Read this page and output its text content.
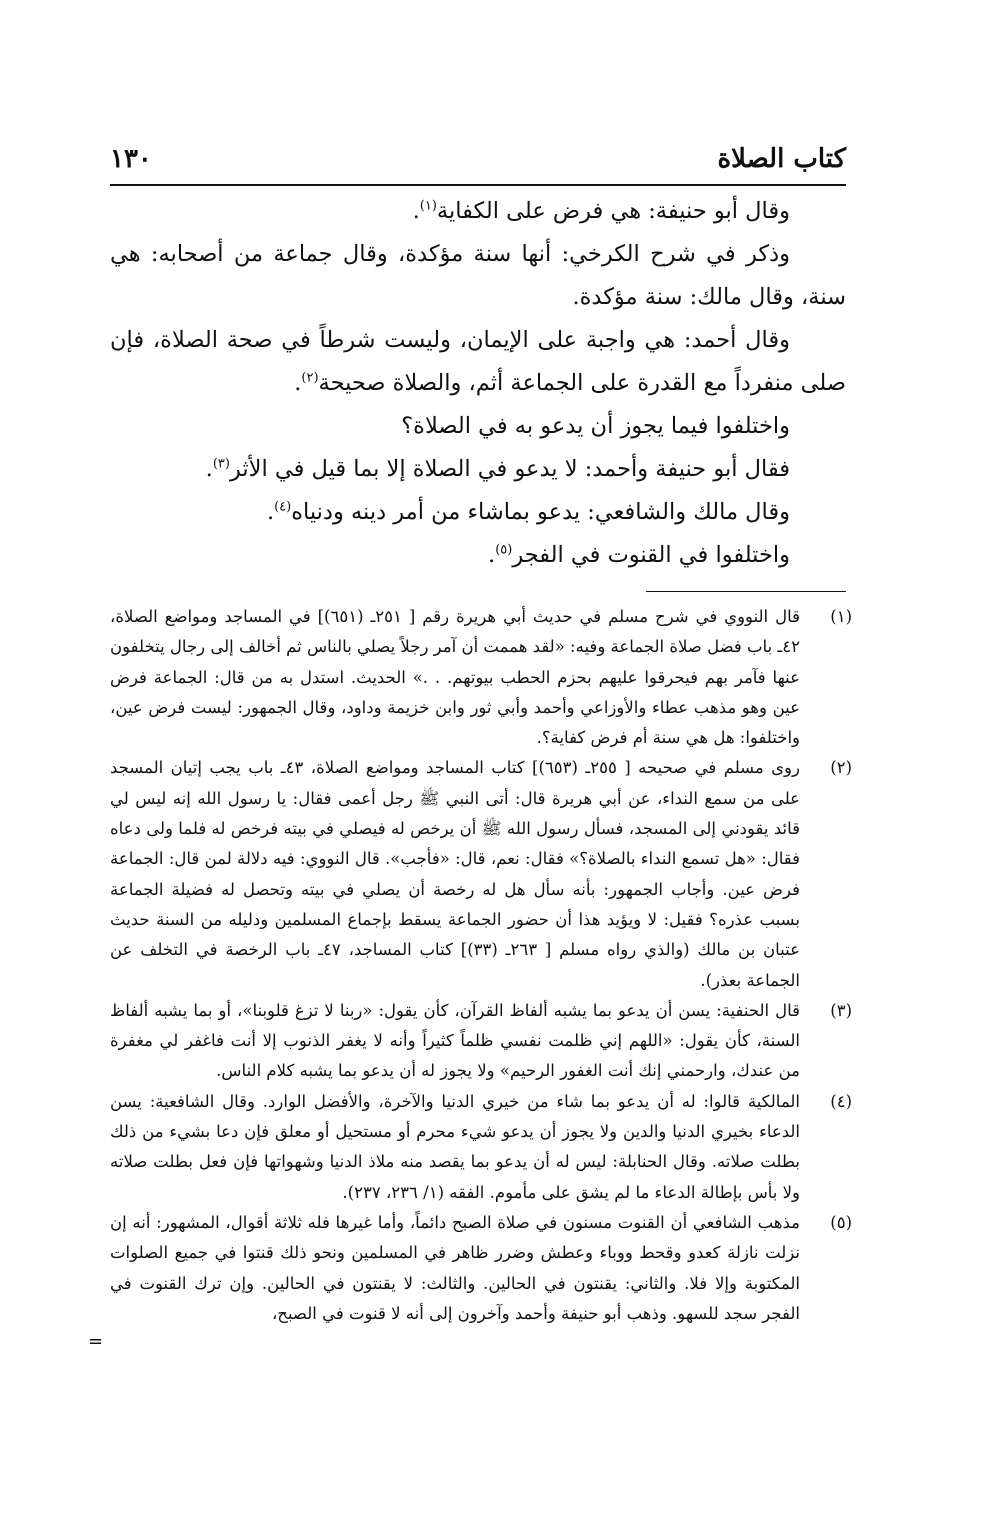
كتاب الصلاة
١٣٠

وقال أبو حنيفة: هي فرض على الكفاية$^{(١)}$.

وذكر في شرح الكرخي: أنها سنة مؤكدة، وقال جماعة من أصحابه: هي سنة، وقال مالك: سنة مؤكدة.

وقال أحمد: هي واجبة على الإيمان، وليست شرطاً في صحة الصلاة، فإن صلى منفرداً مع القدرة على الجماعة أثم، والصلاة صحيحة$^{(٢)}$.

واختلفوا فيما يجوز أن يدعو به في الصلاة؟

فقال أبو حنيفة وأحمد: لا يدعو في الصلاة إلا بما قيل في الأثر$^{(٣)}$.

وقال مالك والشافعي: يدعو بماشاء من أمر دينه ودنياه$^{(٤)}$.

واختلفوا في القنوت في الفجر$^{(٥)}$.

(١)
قال النووي في شرح مسلم في حديث أبي هريرة رقم [ ٢٥١ـ (٦٥١)] في المساجد ومواضع الصلاة، ٤٢ـ باب فضل صلاة الجماعة وفيه: «لقد هممت أن آمر رجلاً يصلي بالناس ثم أخالف إلى رجال يتخلفون عنها فآمر بهم فيحرقوا عليهم بحزم الحطب بيوتهم. . .» الحديث. استدل به من قال: الجماعة فرض عين وهو مذهب عطاء والأوزاعي وأحمد وأبي ثور وابن خزيمة وداود، وقال الجمهور: ليست فرض عين، واختلفوا: هل هي سنة أم فرض كفاية؟.

(٢)
روى مسلم في صحيحه [ ٢٥٥ـ (٦٥٣)] كتاب المساجد ومواضع الصلاة، ٤٣ـ باب يجب إتيان المسجد على من سمع النداء، عن أبي هريرة قال: أتى النبي ﷺ رجل أعمى فقال: يا رسول الله إنه ليس لي قائد يقودني إلى المسجد، فسأل رسول الله ﷺ أن يرخص له فيصلي في بيته فرخص له فلما ولى دعاه فقال: «هل تسمع النداء بالصلاة؟» فقال: نعم، قال: «فأجب». قال النووي: فيه دلالة لمن قال: الجماعة فرض عين. وأجاب الجمهور: بأنه سأل هل له رخصة أن يصلي في بيته وتحصل له فضيلة الجماعة بسبب عذره؟ فقيل: لا ويؤيد هذا أن حضور الجماعة يسقط بإجماع المسلمين ودليله من السنة حديث عتبان بن مالك (والذي رواه مسلم [ ٢٦٣ـ (٣٣)] كتاب المساجد، ٤٧ـ باب الرخصة في التخلف عن الجماعة بعذر).

(٣)
قال الحنفية: يسن أن يدعو بما يشبه ألفاظ القرآن، كأن يقول: «ربنا لا تزغ قلوبنا»، أو بما يشبه ألفاظ السنة، كأن يقول: «اللهم إني ظلمت نفسي ظلماً كثيراً وأنه لا يغفر الذنوب إلا أنت فاغفر لي مغفرة من عندك، وارحمني إنك أنت الغفور الرحيم» ولا يجوز له أن يدعو بما يشبه كلام الناس.

(٤)
المالكية قالوا: له أن يدعو بما شاء من خيري الدنيا والآخرة، والأفضل الوارد. وقال الشافعية: يسن الدعاء بخيري الدنيا والدين ولا يجوز أن يدعو شيء محرم أو مستحيل أو معلق فإن دعا بشيء من ذلك بطلت صلاته. وقال الحنابلة: ليس له أن يدعو بما يقصد منه ملاذ الدنيا وشهواتها فإن فعل بطلت صلاته ولا بأس بإطالة الدعاء ما لم يشق على مأموم. الفقه (١/ ٢٣٦، ٢٣٧).

(٥)
مذهب الشافعي أن القنوت مسنون في صلاة الصبح دائماً، وأما غيرها فله ثلاثة أقوال، المشهور: أنه إن نزلت نازلة كعدو وقحط ووباء وعطش وضرر ظاهر في المسلمين ونحو ذلك قنتوا في جميع الصلوات المكتوبة وإلا فلا. والثاني: يقنتون في الحالين. والثالث: لا يقنتون في الحالين. وإن ترك القنوت في الفجر سجد للسهو. وذهب أبو حنيفة وأحمد وآخرون إلى أنه لا قنوت في الصبح،

=
